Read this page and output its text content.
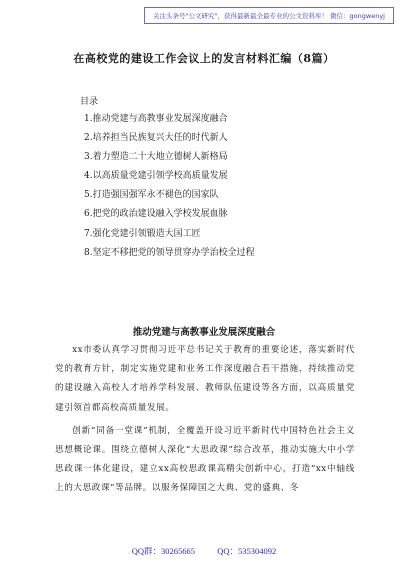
关注头条号"公文研究"，获得最新最全最专业的公文资料库！ 微信：gongwenyj
在高校党的建设工作会议上的发言材料汇编（8篇）
目录
1.推动党建与高教事业发展深度融合
2.培养担当民族复兴大任的时代新人
3.着力塑造二十大地立德树人新格局
4.以高质量党建引领学校高质量发展
5.打造强国强军永不褪色的国家队
6.把党的政治建设融入学校发展血脉
7.强化党建引领锻造大国工匠
8.坚定不移把党的领导贯穿办学治校全过程
推动党建与高教事业发展深度融合

xx市委认真学习贯彻习近平总书记关于教育的重要论述，落实新时代党的教育方针，制定实施党建和业务工作深度融合若干措施，持续推动党的建设融入高校人才培养学科发展、教师队伍建设等各方面，以高质量党建引领首都高校高质量发展。

创新“同备一堂课”机制，全覆盖开设习近平新时代中国特色社会主义思想概论课。围绕立德树人深化“大思政课”综合改革，推动实施大中小学思政课一体化建设，建立xx高校思政课高精尖创新中心，打造“xx中轴线上的大思政课”等品牌。以服务保障国之大典、党的盛典、冬

QQ群：30265665	QQ：535304092
